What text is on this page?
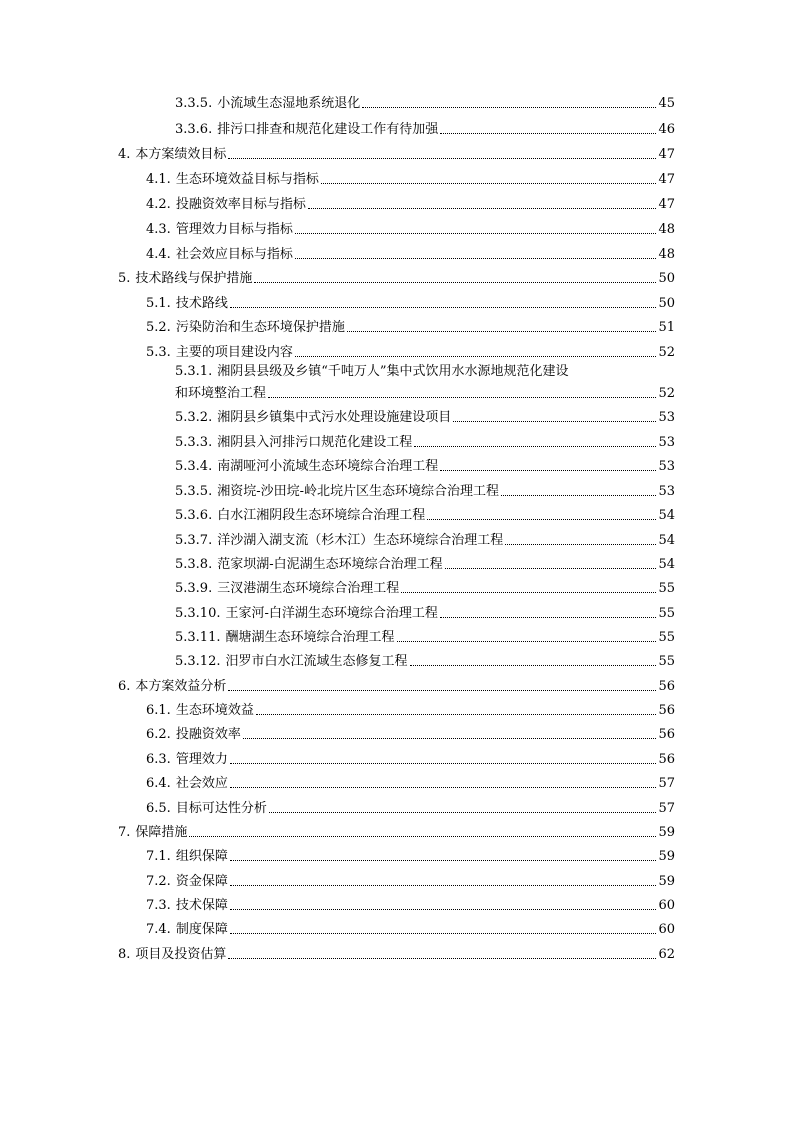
3.3.5. 小流域生态湿地系统退化	45
3.3.6. 排污口排查和规范化建设工作有待加强	46
4. 本方案绩效目标	47
4.1. 生态环境效益目标与指标	47
4.2. 投融资效率目标与指标	47
4.3. 管理效力目标与指标	48
4.4. 社会效应目标与指标	48
5. 技术路线与保护措施	50
5.1. 技术路线	50
5.2. 污染防治和生态环境保护措施	51
5.3. 主要的项目建设内容	52
5.3.1. 湘阴县县级及乡镇“千吨万人”集中式饮用水水源地规范化建设
和环境整治工程	52
5.3.2. 湘阴县乡镇集中式污水处理设施建设项目	53
5.3.3. 湘阴县入河排污口规范化建设工程	53
5.3.4. 南湖哑河小流域生态环境综合治理工程	53
5.3.5. 湘资垸-沙田垸-岭北垸片区生态环境综合治理工程	53
5.3.6. 白水江湘阴段生态环境综合治理工程	54
5.3.7. 洋沙湖入湖支流（杉木江）生态环境综合治理工程	54
5.3.8. 范家坝湖-白泥湖生态环境综合治理工程	54
5.3.9. 三汊港湖生态环境综合治理工程	55
5.3.10. 王家河-白洋湖生态环境综合治理工程	55
5.3.11. 酬塘湖生态环境综合治理工程	55
5.3.12. 汨罗市白水江流域生态修复工程	55
6. 本方案效益分析	56
6.1. 生态环境效益	56
6.2. 投融资效率	56
6.3. 管理效力	56
6.4. 社会效应	57
6.5. 目标可达性分析	57
7. 保障措施	59
7.1. 组织保障	59
7.2. 资金保障	59
7.3. 技术保障	60
7.4. 制度保障	60
8. 项目及投资估算	62
